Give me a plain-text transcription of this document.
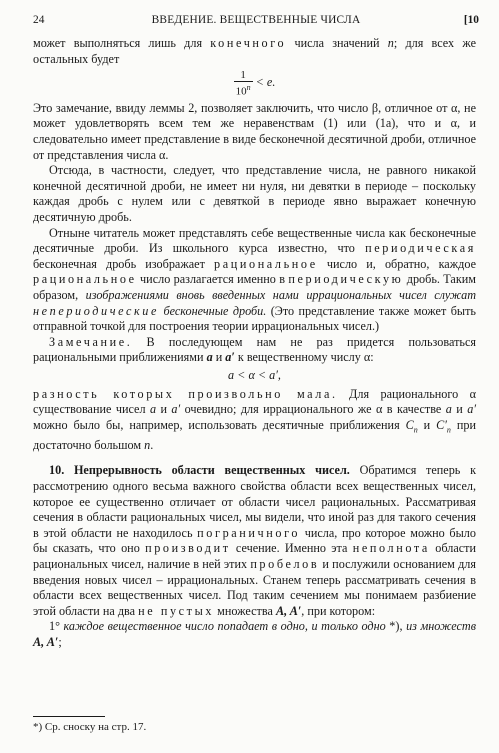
24	ВВЕДЕНИЕ. ВЕЩЕСТВЕННЫЕ ЧИСЛА	[10

может выполняться лишь для конечного числа значений n; для всех же остальных будет

$\frac{1}{10^n} < e$.

Это замечание, ввиду леммы 2, позволяет заключить, что число β, отличное от α, не может удовлетворять всем тем же неравенствам (1) или (1a), что и α, и следовательно имеет представление в виде бесконечной десятичной дроби, отличное от представления числа α.

Отсюда, в частности, следует, что представление числа, не равного никакой конечной десятичной дроби, не имеет ни нуля, ни девятки в периоде – поскольку каждая дробь с нулем или с девяткой в периоде явно выражает конечную десятичную дробь.

Отныне читатель может представлять себе вещественные числа как бесконечные десятичные дроби. Из школьного курса известно, что периодическая бесконечная дробь изображает рациональное число и, обратно, каждое рациональное число разлагается именно в периодическую дробь. Таким образом, изображениями вновь введенных нами иррациональных чисел служат непериодические бесконечные дроби. (Это представление также может быть отправной точкой для построения теории иррациональных чисел.)

Замечание. В последующем нам не раз придется пользоваться рациональными приближениями a и a′ к вещественному числу α:

a < α < a′,

разность которых произвольно мала. Для рационального α существование чисел a и a′ очевидно; для иррационального же α в качестве a и a′ можно было бы, например, использовать десятичные приближения $C_n$ и $C'_n$ при достаточно большом n.

10. Непрерывность области вещественных чисел. Обратимся теперь к рассмотрению одного весьма важного свойства области всех вещественных чисел, которое ее существенно отличает от области чисел рациональных. Рассматривая сечения в области рациональных чисел, мы видели, что иной раз для такого сечения в этой области не находилось пограничного числа, про которое можно было бы сказать, что оно производит сечение. Именно эта неполнота области рациональных чисел, наличие в ней этих пробелов и послужили основанием для введения новых чисел – иррациональных. Станем теперь рассматривать сечения в области всех вещественных чисел. Под таким сечением мы понимаем разбиение этой области на два не пустых множества A, A′, при котором:

1° каждое вещественное число попадает в одно, и только одно *), из множеств A, A′;

*) Ср. сноску на стр. 17.
